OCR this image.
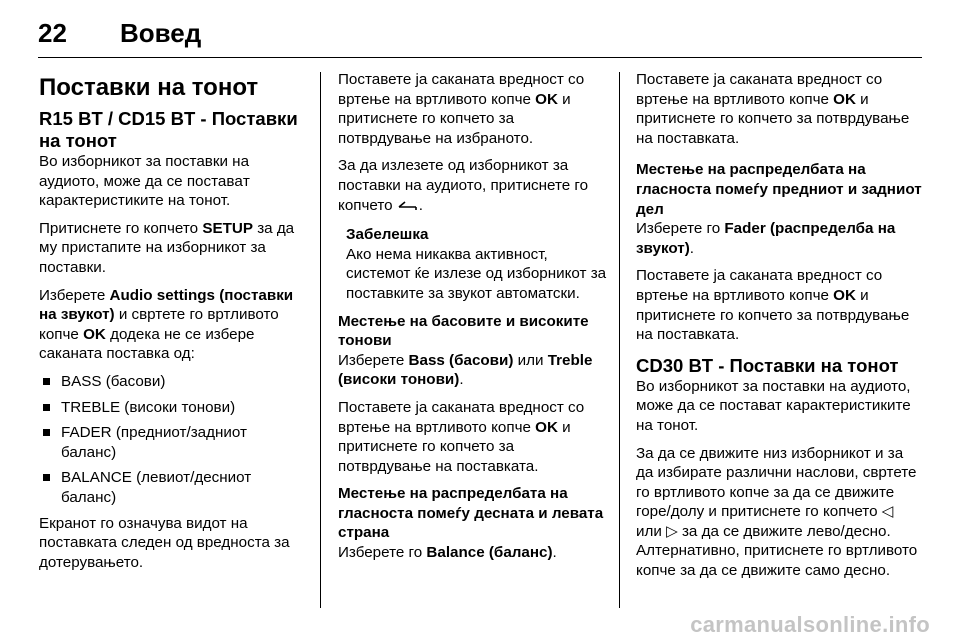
22 Вовед
Поставки на тонот
R15 BT / CD15 BT - Поставки на тонот

Во изборникот за поставки на аудиото, може да се поставaт карактеристиките на тонот.

Притиснете го копчето SETUP за да му пристапите на изборникот за поставки.

Изберете Audio settings (поставки на звукот) и свртете го вртливото копче OK додека не се избере саканата поставка од:

BASS (басови)
TREBLE (високи тонови)
FADER (предниот/задниот баланс)
BALANCE (левиот/десниот баланс)

Екранот го означува видот на поставката следен од вредноста за дотерувањето.

Поставете ја саканата вредност со вртење на вртливото копче OK и притиснете го копчето за потврдување на избраното.

За да излезете од изборникот за поставки на аудиото, притиснете го копчето .

Забелешка
Ако нема никаква активност, системот ќе излезе од изборникот за поставките за звукот автоматски.
Местење на басовите и високите тонови

Изберете Bass (басови) или Treble (високи тонови).

Поставете ја саканата вредност со вртење на вртливото копче OK и притиснете го копчето за потврдување на поставката.

Местење на распределбата на гласноста помеѓу десната и левата страна

Изберете го Balance (баланс).

Поставете ја саканата вредност со вртење на вртливото копче OK и притиснете го копчето за потврдување на поставката.

Местење на распределбата на гласноста помеѓу предниот и задниот дел

Изберете го Fader (распределба на звукот).

Поставете ја саканата вредност со вртење на вртливото копче OK и притиснете го копчето за потврдување на поставката.

CD30 BT - Поставки на тонот

Во изборникот за поставки на аудиото, може да се постават карактеристиките на тонот.

За да се движите низ изборникот и за да избирате различни наслови, свртете го вртливото копче за да се движите горе/долу и притиснете го копчето ◁ или ▷ за да се движите лево/десно. Алтернативно, притиснете го вртливото копче за да се движите само десно.

carmanualsonline.info
